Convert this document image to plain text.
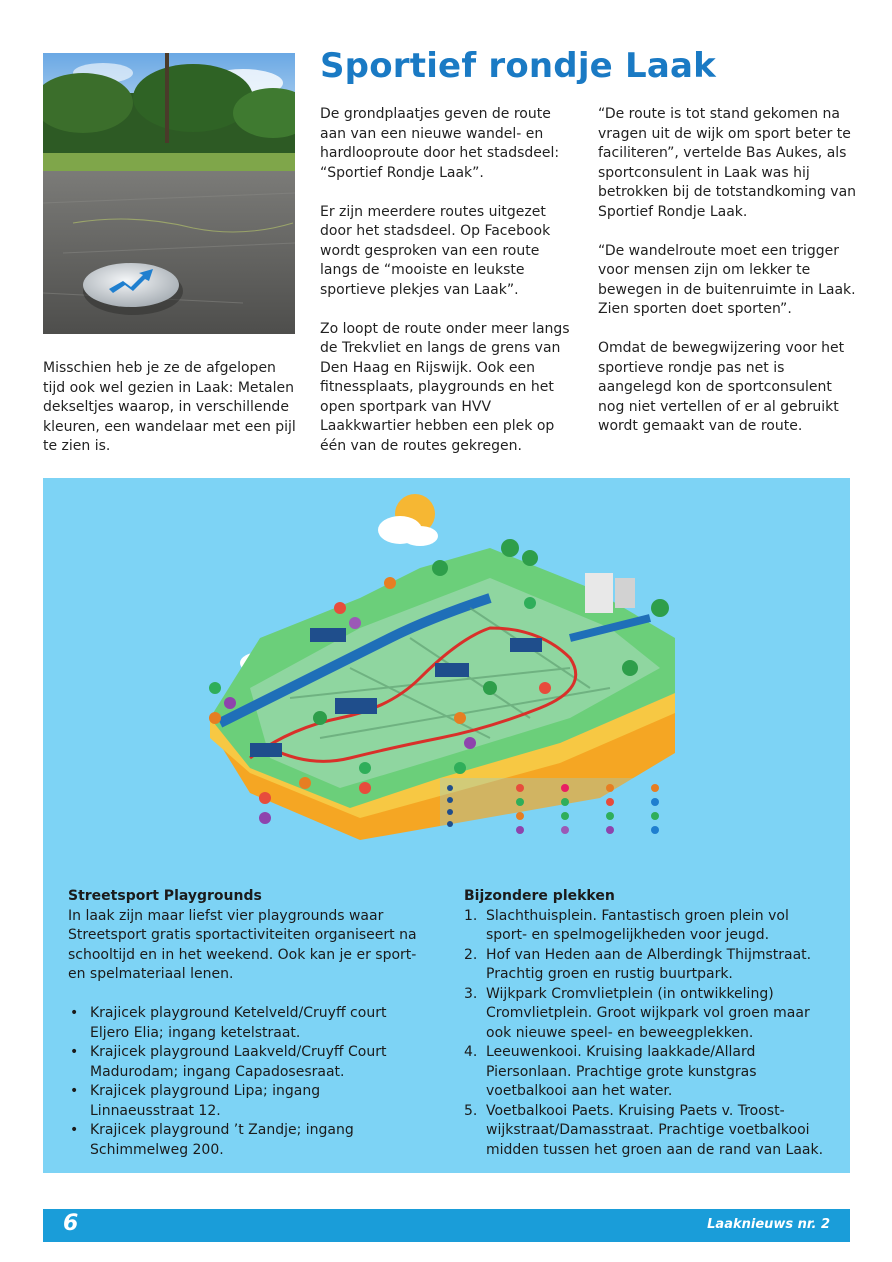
Sportief rondje Laak

Misschien heb je ze de afgelopen tijd ook wel gezien in Laak: Metalen dekseltjes waarop, in verschillende kleuren, een wandelaar met een pijl te zien is.

De grondplaatjes geven de route aan van een nieuwe wandel- en hardlooproute door het stadsdeel: “Sportief Rondje Laak”.

Er zijn meerdere routes uitgezet door het stadsdeel. Op Facebook wordt gesproken van een route langs de “mooiste en leukste sportieve plekjes van Laak”.

Zo loopt de route onder meer langs de Trekvliet en langs de grens van Den Haag en Rijswijk. Ook een fitnessplaats, playgrounds en het open sportpark van HVV Laakkwartier hebben een plek op één van de routes gekregen.

“De route is tot stand gekomen na vragen uit de wijk om sport beter te faciliteren”, vertelde Bas Aukes, als sportconsulent in Laak was hij betrokken bij de totstandkoming van Sportief Rondje Laak.

“De wandelroute moet een trigger voor mensen zijn om lekker te bewegen in de buitenruimte in Laak. Zien sporten doet sporten”.

Omdat de bewegwijzering voor het sportieve rondje pas net is aangelegd kon de sportconsulent nog niet vertellen of er al gebruikt wordt gemaakt van de route.

Streetsport Playgrounds

In laak zijn maar liefst vier playgrounds waar Streetsport gratis sportactiviteiten organiseert na schooltijd en in het weekend. Ook kan je er sport- en spelmateriaal lenen.

• Krajicek playground Ketelveld/Cruyff court Eljero Elia; ingang ketelstraat.
• Krajicek playground Laakveld/Cruyff Court Madurodam; ingang Capadosesraat.
• Krajicek playground Lipa; ingang Linnaeusstraat 12.
• Krajicek playground ’t Zandje; ingang Schimmelweg 200.
Bijzondere plekken
1. Slachthuisplein. Fantastisch groen plein vol sport- en spelmogelijkheden voor jeugd.
2. Hof van Heden aan de Alberdingk Thijmstraat. Prachtig groen en rustig buurtpark.
3. Wijkpark Cromvlietplein (in ontwikkeling) Cromvlietplein. Groot wijkpark vol groen maar ook nieuwe speel- en beweegplekken.
4. Leeuwenkooi. Kruising laakkade/Allard Piersonlaan. Prachtige grote kunstgras voetbalkooi aan het water.
5. Voetbalkooi Paets. Kruising Paets v. Troost-wijkstraat/Damasstraat. Prachtige voetbalkooi midden tussen het groen aan de rand van Laak.
6	Laaknieuws nr. 2
